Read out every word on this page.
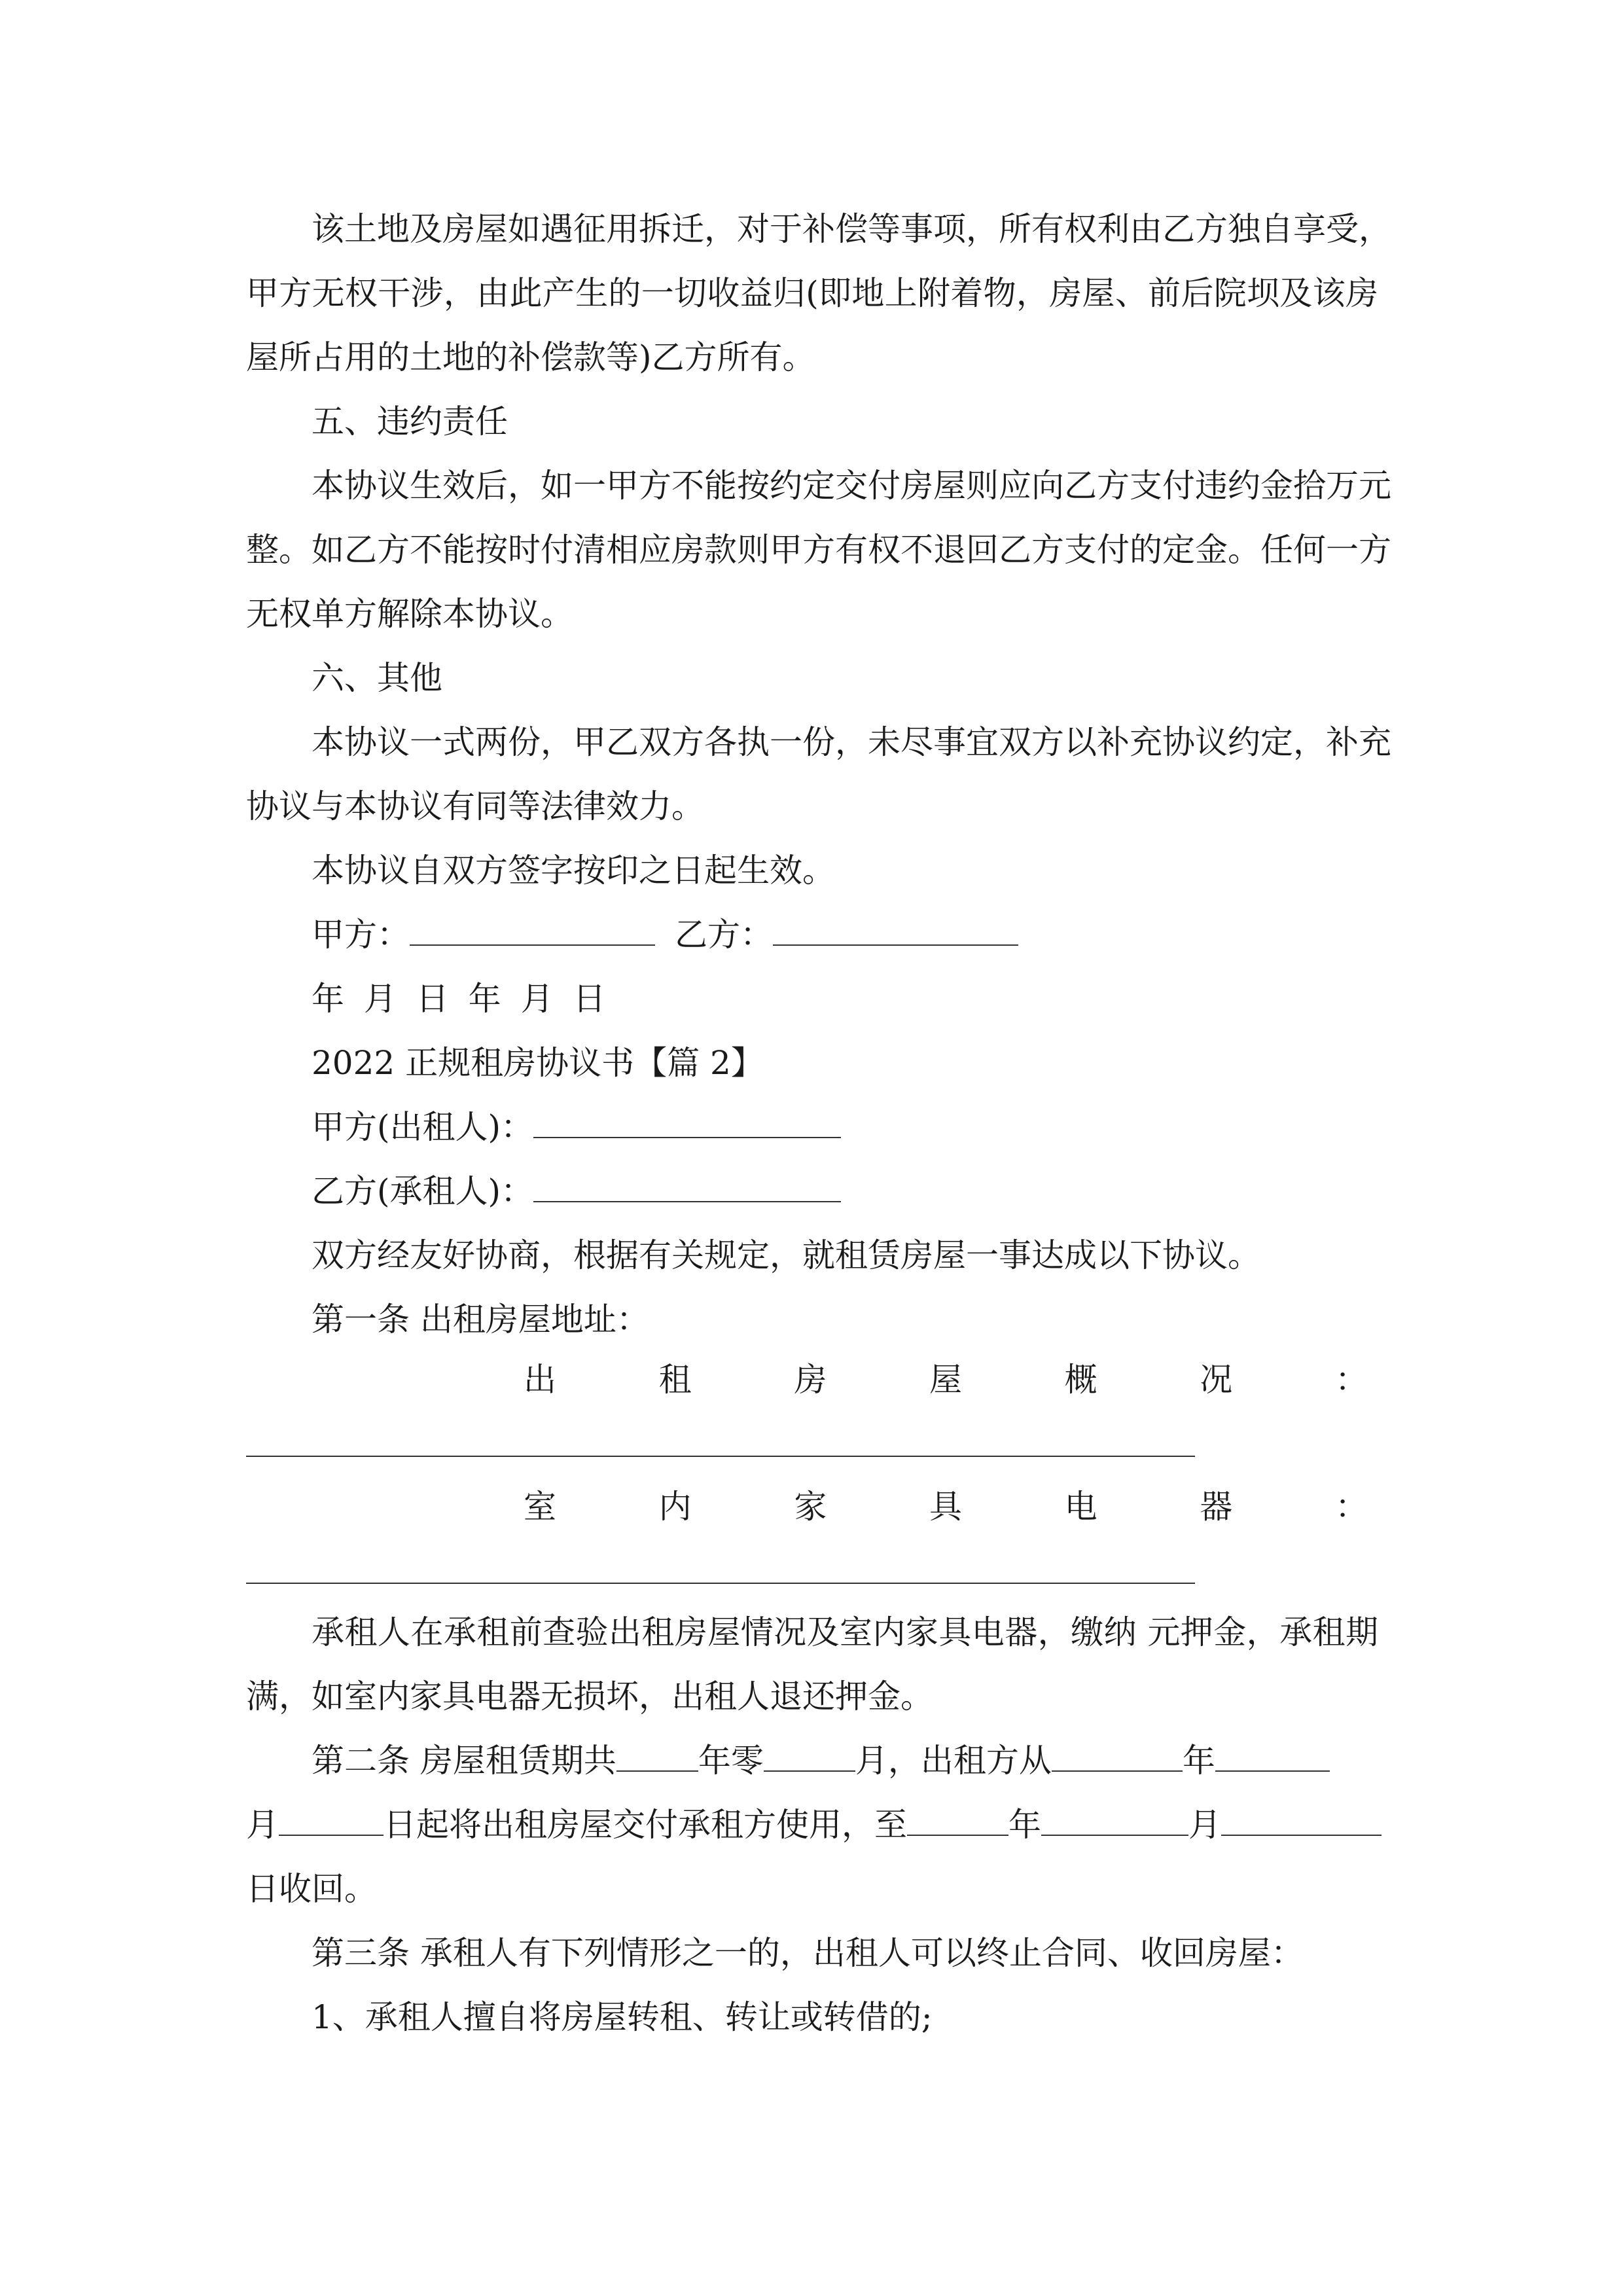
该土地及房屋如遇征用拆迁，对于补偿等事项，所有权利由乙方独自享受，
甲方无权干涉，由此产生的一切收益归(即地上附着物，房屋、前后院坝及该房
屋所占用的土地的补偿款等)乙方所有。
五、违约责任
本协议生效后，如一甲方不能按约定交付房屋则应向乙方支付违约金拾万元
整。如乙方不能按时付清相应房款则甲方有权不退回乙方支付的定金。任何一方
无权单方解除本协议。
六、其他
本协议一式两份，甲乙双方各执一份，未尽事宜双方以补充协议约定，补充
协议与本协议有同等法律效力。
本协议自双方签字按印之日起生效。
甲方：	乙方：
年 月 日 年 月 日
2022 正规租房协议书【篇 2】
甲方(出租人)：
乙方(承租人)：
双方经友好协商，根据有关规定，就租赁房屋一事达成以下协议。
第一条 出租房屋地址：
出	租	房	屋	概	况	：
室	内	家	具	电	器	：
承租人在承租前查验出租房屋情况及室内家具电器，缴纳 元押金，承租期
满，如室内家具电器无损坏，出租人退还押金。
第二条 房屋租赁期共	年零	月，出租方从	年
月	日起将出租房屋交付承租方使用，至	年	月
日收回。
第三条 承租人有下列情形之一的，出租人可以终止合同、收回房屋：
1、承租人擅自将房屋转租、转让或转借的;
